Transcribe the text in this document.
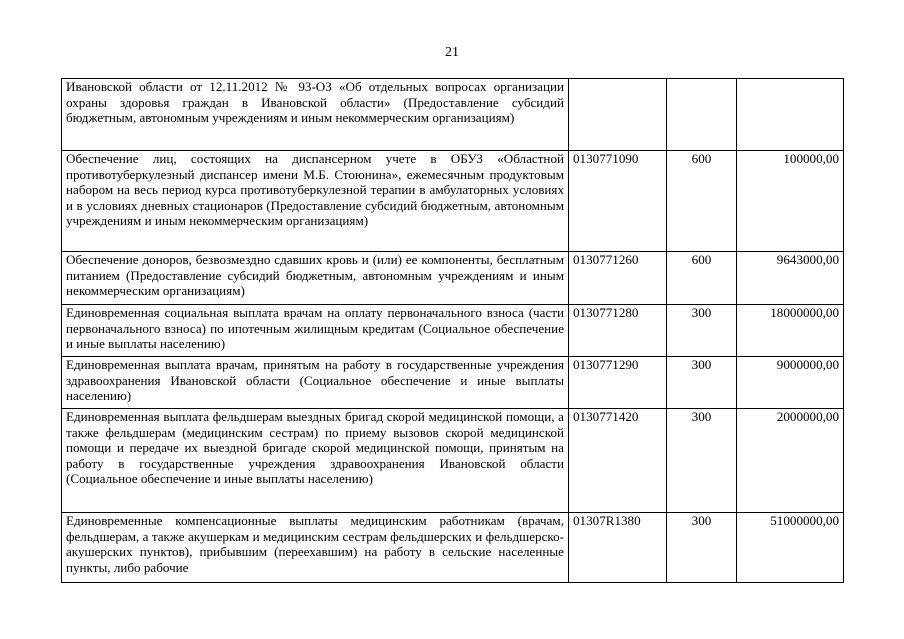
21
Ивановской области от 12.11.2012 № 93-ОЗ «Об отдельных вопросах организации охраны здоровья граждан в Ивановской области» (Предоставление субсидий бюджетным, автономным учреждениям и иным некоммерческим организациям)			
Обеспечение лиц, состоящих на диспансерном учете в ОБУЗ «Областной противотуберкулезный диспансер имени М.Б. Стоюнина», ежемесячным продуктовым набором на весь период курса противотуберкулезной терапии в амбулаторных условиях и в условиях дневных стационаров (Предоставление субсидий бюджетным, автономным учреждениям и иным некоммерческим организациям)	0130771090	600	100000,00
Обеспечение доноров, безвозмездно сдавших кровь и (или) ее компоненты, бесплатным питанием (Предоставление субсидий бюджетным, автономным учреждениям и иным некоммерческим организациям)	0130771260	600	9643000,00
Единовременная социальная выплата врачам на оплату первоначального взноса (части первоначального взноса) по ипотечным жилищным кредитам (Социальное обеспечение и иные выплаты населению)	0130771280	300	18000000,00
Единовременная выплата врачам, принятым на работу в государственные учреждения здравоохранения Ивановской области (Социальное обеспечение и иные выплаты населению)	0130771290	300	9000000,00
Единовременная выплата фельдшерам выездных бригад скорой медицинской помощи, а также фельдшерам (медицинским сестрам) по приему вызовов скорой медицинской помощи и передаче их выездной бригаде скорой медицинской помощи, принятым на работу в государственные учреждения здравоохранения Ивановской области (Социальное обеспечение и иные выплаты населению)	0130771420	300	2000000,00
Единовременные компенсационные выплаты медицинским работникам (врачам, фельдшерам, а также акушеркам и медицинским сестрам фельдшерских и фельдшерско-акушерских пунктов), прибывшим (переехавшим) на работу в сельские населенные пункты, либо рабочие	01307R1380	300	51000000,00
